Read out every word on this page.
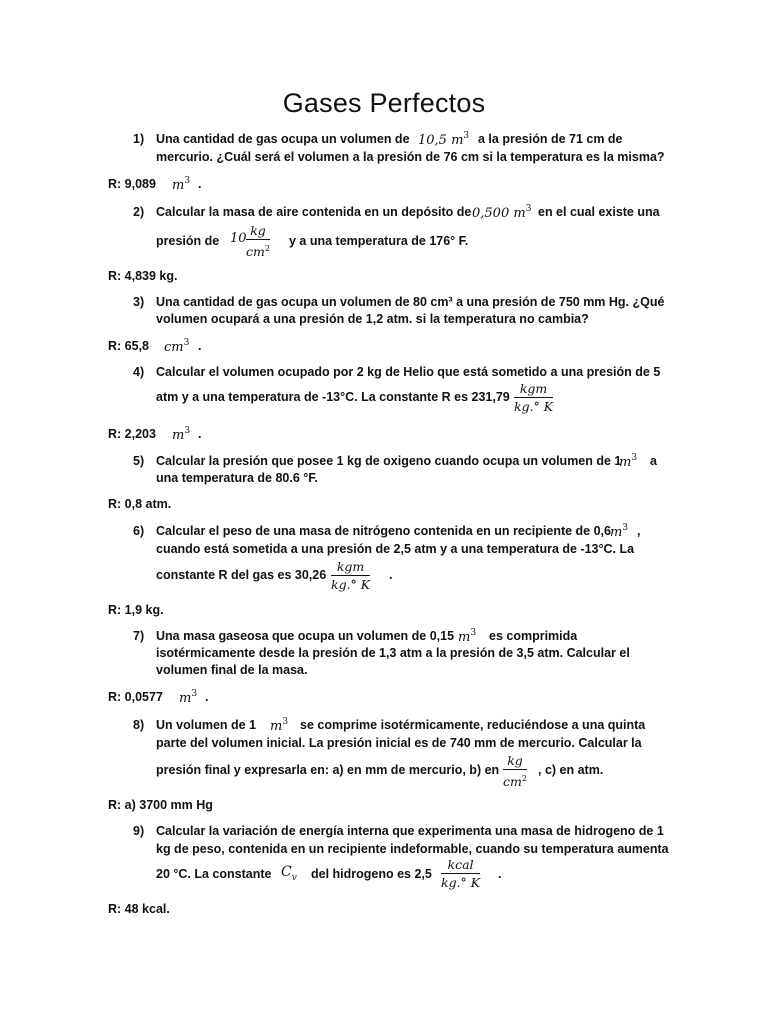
Gases Perfectos
1) Una cantidad de gas ocupa un volumen de 10,5 $m^3$ a la presión de 71 cm de
mercurio. ¿Cuál será el volumen a la presión de 76 cm si la temperatura es la misma?
R: 9,089 $m^3$ .
2) Calcular la masa de aire contenida en un depósito de 0,500 $m^3$ en el cual existe una
presión de $10 \frac{kg}{cm^2}$ y a una temperatura de 176° F.
R: 4,839 kg.
3) Una cantidad de gas ocupa un volumen de 80 cm³ a una presión de 750 mm Hg. ¿Qué
volumen ocupará a una presión de 1,2 atm. si la temperatura no cambia?
R: 65,8 $cm^3$ .
4) Calcular el volumen ocupado por 2 kg de Helio que está sometido a una presión de 5
atm y a una temperatura de -13°C. La constante R es 231,79
kgm
kg.° K
R: 2,203 $m^3$ .
5) Calcular la presión que posee 1 kg de oxigeno cuando ocupa un volumen de 1
$m^3$ a
una temperatura de 80.6 °F.
R: 0,8 atm.
6) Calcular el peso de una masa de nitrógeno contenida en un recipiente de 0,6 $m^3$ ,
cuando está sometida a una presión de 2,5 atm y a una temperatura de -13°C. La
constante R del gas es 30,26
kgm
kg.° K
.
R: 1,9 kg.
7) Una masa gaseosa que ocupa un volumen de 0,15 $m^3$ es comprimida
isotérmicamente desde la presión de 1,3 atm a la presión de 3,5 atm. Calcular el
volumen final de la masa.
R: 0,0577 $m^3$ .
8) Un volumen de 1 $m^3$ se comprime isotérmicamente, reduciéndose a una quinta
parte del volumen inicial. La presión inicial es de 740 mm de mercurio. Calcular la
presión final y expresarla en: a) en mm de mercurio, b) en $\frac{kg}{cm^2}$ , c) en atm.
R: a) 3700 mm Hg
9) Calcular la variación de energía interna que experimenta una masa de hidrogeno de 1
kg de peso, contenida en un recipiente indeformable, cuando su temperatura aumenta
20 °C. La constante $C_v$ del hidrogeno es 2,5
kcal
kg.° K
.
R: 48 kcal.
